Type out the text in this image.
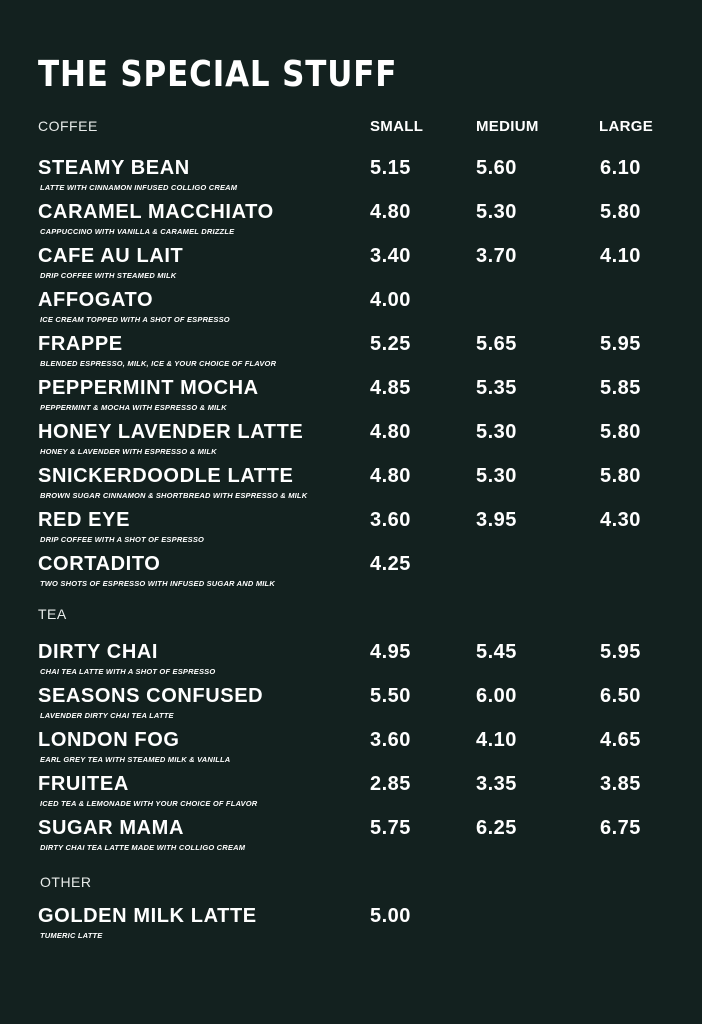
THE SPECIAL STUFF
SMALL	MEDIUM	LARGE
COFFEE
STEAMY BEAN
LATTE WITH CINNAMON INFUSED COLLIGO CREAM
5.15	5.60	6.10
CARAMEL MACCHIATO
CAPPUCCINO WITH VANILLA & CARAMEL DRIZZLE
4.80	5.30	5.80
CAFE AU LAIT
DRIP COFFEE WITH STEAMED MILK
3.40	3.70	4.10
AFFOGATO
ICE CREAM TOPPED WITH A SHOT OF ESPRESSO
4.00
FRAPPE
BLENDED ESPRESSO, MILK, ICE & YOUR CHOICE OF FLAVOR
5.25	5.65	5.95
PEPPERMINT MOCHA
PEPPERMINT & MOCHA WITH ESPRESSO & MILK
4.85	5.35	5.85
HONEY LAVENDER LATTE
HONEY & LAVENDER WITH ESPRESSO & MILK
4.80	5.30	5.80
SNICKERDOODLE LATTE
BROWN SUGAR CINNAMON & SHORTBREAD WITH ESPRESSO & MILK
4.80	5.30	5.80
RED EYE
DRIP COFFEE WITH A SHOT OF ESPRESSO
3.60	3.95	4.30
CORTADITO
TWO SHOTS OF ESPRESSO WITH INFUSED SUGAR AND MILK
4.25
TEA
DIRTY CHAI
CHAI TEA LATTE WITH A SHOT OF ESPRESSO
4.95	5.45	5.95
SEASONS CONFUSED
LAVENDER DIRTY CHAI TEA LATTE
5.50	6.00	6.50
LONDON FOG
EARL GREY TEA WITH STEAMED MILK & VANILLA
3.60	4.10	4.65
FRUITEA
ICED TEA & LEMONADE WITH YOUR CHOICE OF FLAVOR
2.85	3.35	3.85
SUGAR MAMA
DIRTY CHAI TEA LATTE MADE WITH COLLIGO CREAM
5.75	6.25	6.75
OTHER
GOLDEN MILK LATTE
TUMERIC LATTE
5.00
